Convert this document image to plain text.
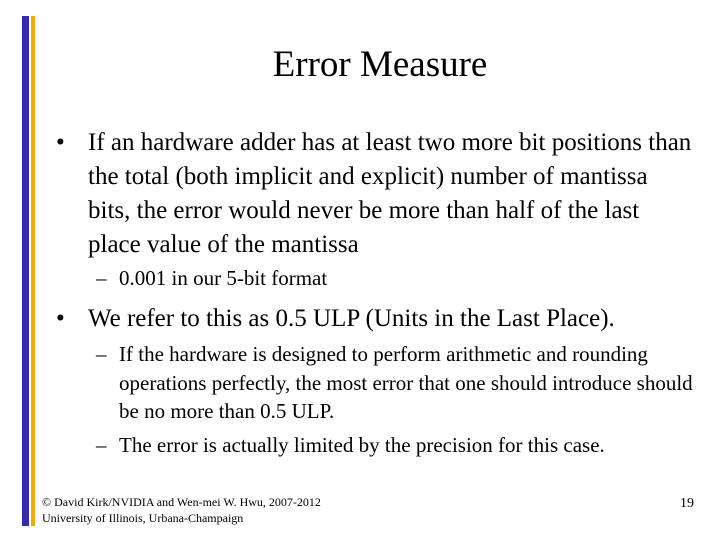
Error Measure
• If an hardware adder has at least two more bit positions than the total (both implicit and explicit) number of mantissa bits, the error would never be more than half of the last place value of the mantissa
– 0.001 in our 5-bit format
• We refer to this as 0.5 ULP (Units in the Last Place).
– If the hardware is designed to perform arithmetic and rounding operations perfectly, the most error that one should introduce should be no more than 0.5 ULP.
– The error is actually limited by the precision for this case.
© David Kirk/NVIDIA and Wen-mei W. Hwu, 2007-2012
University of Illinois, Urbana-Champaign
19
